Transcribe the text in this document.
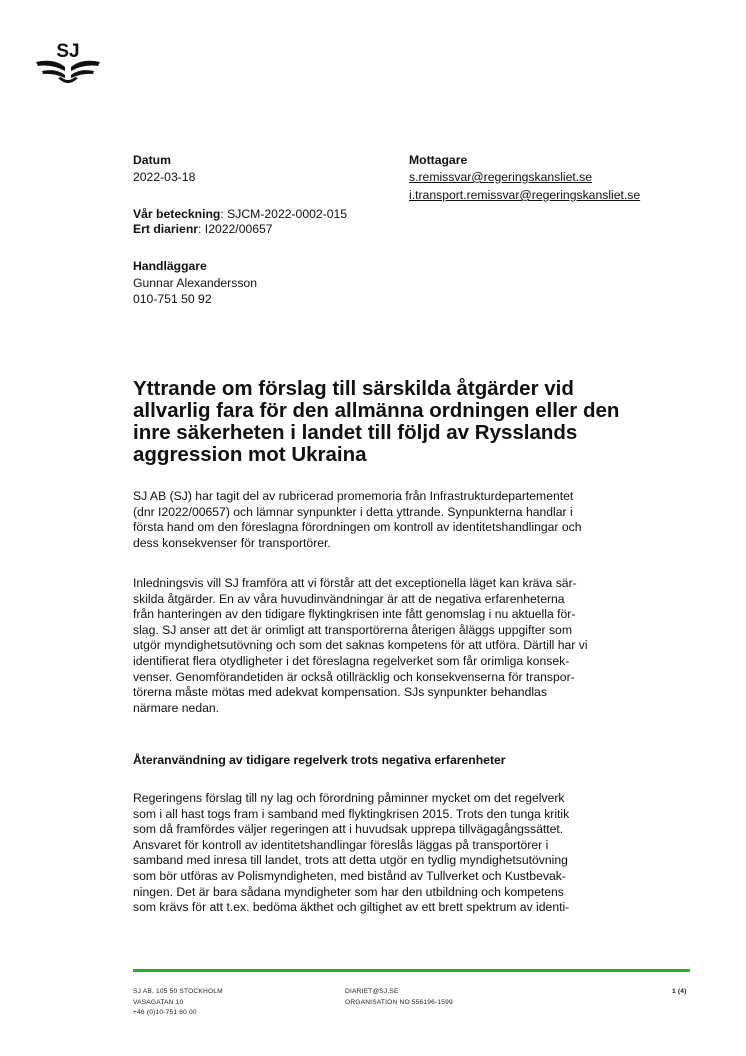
SJ
Datum
2022-03-18
Vår beteckning: SJCM-2022-0002-015
Ert diarienr: I2022/00657
Handläggare
Gunnar Alexandersson
010-751 50 92
Mottagare
s.remissvar@regeringskansliet.se
i.transport.remissvar@regeringskansliet.se
Yttrande om förslag till särskilda åtgärder vid allvarlig fara för den allmänna ordningen eller den inre säkerheten i landet till följd av Rysslands aggression mot Ukraina
SJ AB (SJ) har tagit del av rubricerad promemoria från Infrastrukturdepartementet
(dnr I2022/00657) och lämnar synpunkter i detta yttrande. Synpunkterna handlar i
första hand om den föreslagna förordningen om kontroll av identitetshandlingar och
dess konsekvenser för transportörer.
Inledningsvis vill SJ framföra att vi förstår att det exceptionella läget kan kräva sär-
skilda åtgärder. En av våra huvudinvändningar är att de negativa erfarenheterna
från hanteringen av den tidigare flyktingkrisen inte fått genomslag i nu aktuella för-
slag. SJ anser att det är orimligt att transportörerna återigen åläggs uppgifter som
utgör myndighetsutövning och som det saknas kompetens för att utföra. Därtill har vi
identifierat flera otydligheter i det föreslagna regelverket som får orimliga konsek-
venser. Genomförandetiden är också otillräcklig och konsekvenserna för transpor-
törerna måste mötas med adekvat kompensation. SJs synpunkter behandlas
närmare nedan.
Återanvändning av tidigare regelverk trots negativa erfarenheter
Regeringens förslag till ny lag och förordning påminner mycket om det regelverk
som i all hast togs fram i samband med flyktingkrisen 2015. Trots den tunga kritik
som då framfördes väljer regeringen att i huvudsak upprepa tillvägagångssättet.
Ansvaret för kontroll av identitetshandlingar föreslås läggas på transportörer i
samband med inresa till landet, trots att detta utgör en tydlig myndighetsutövning
som bör utföras av Polismyndigheten, med bistånd av Tullverket och Kustbevak-
ningen. Det är bara sådana myndigheter som har den utbildning och kompetens
som krävs för att t.ex. bedöma äkthet och giltighet av ett brett spektrum av identi-
SJ AB, 105 50 STOCKHOLM
VASAGATAN 10
+46 (0)10-751 60 00
DIARIET@SJ.SE
ORGANISATION NO 556196-1599
1 (4)
